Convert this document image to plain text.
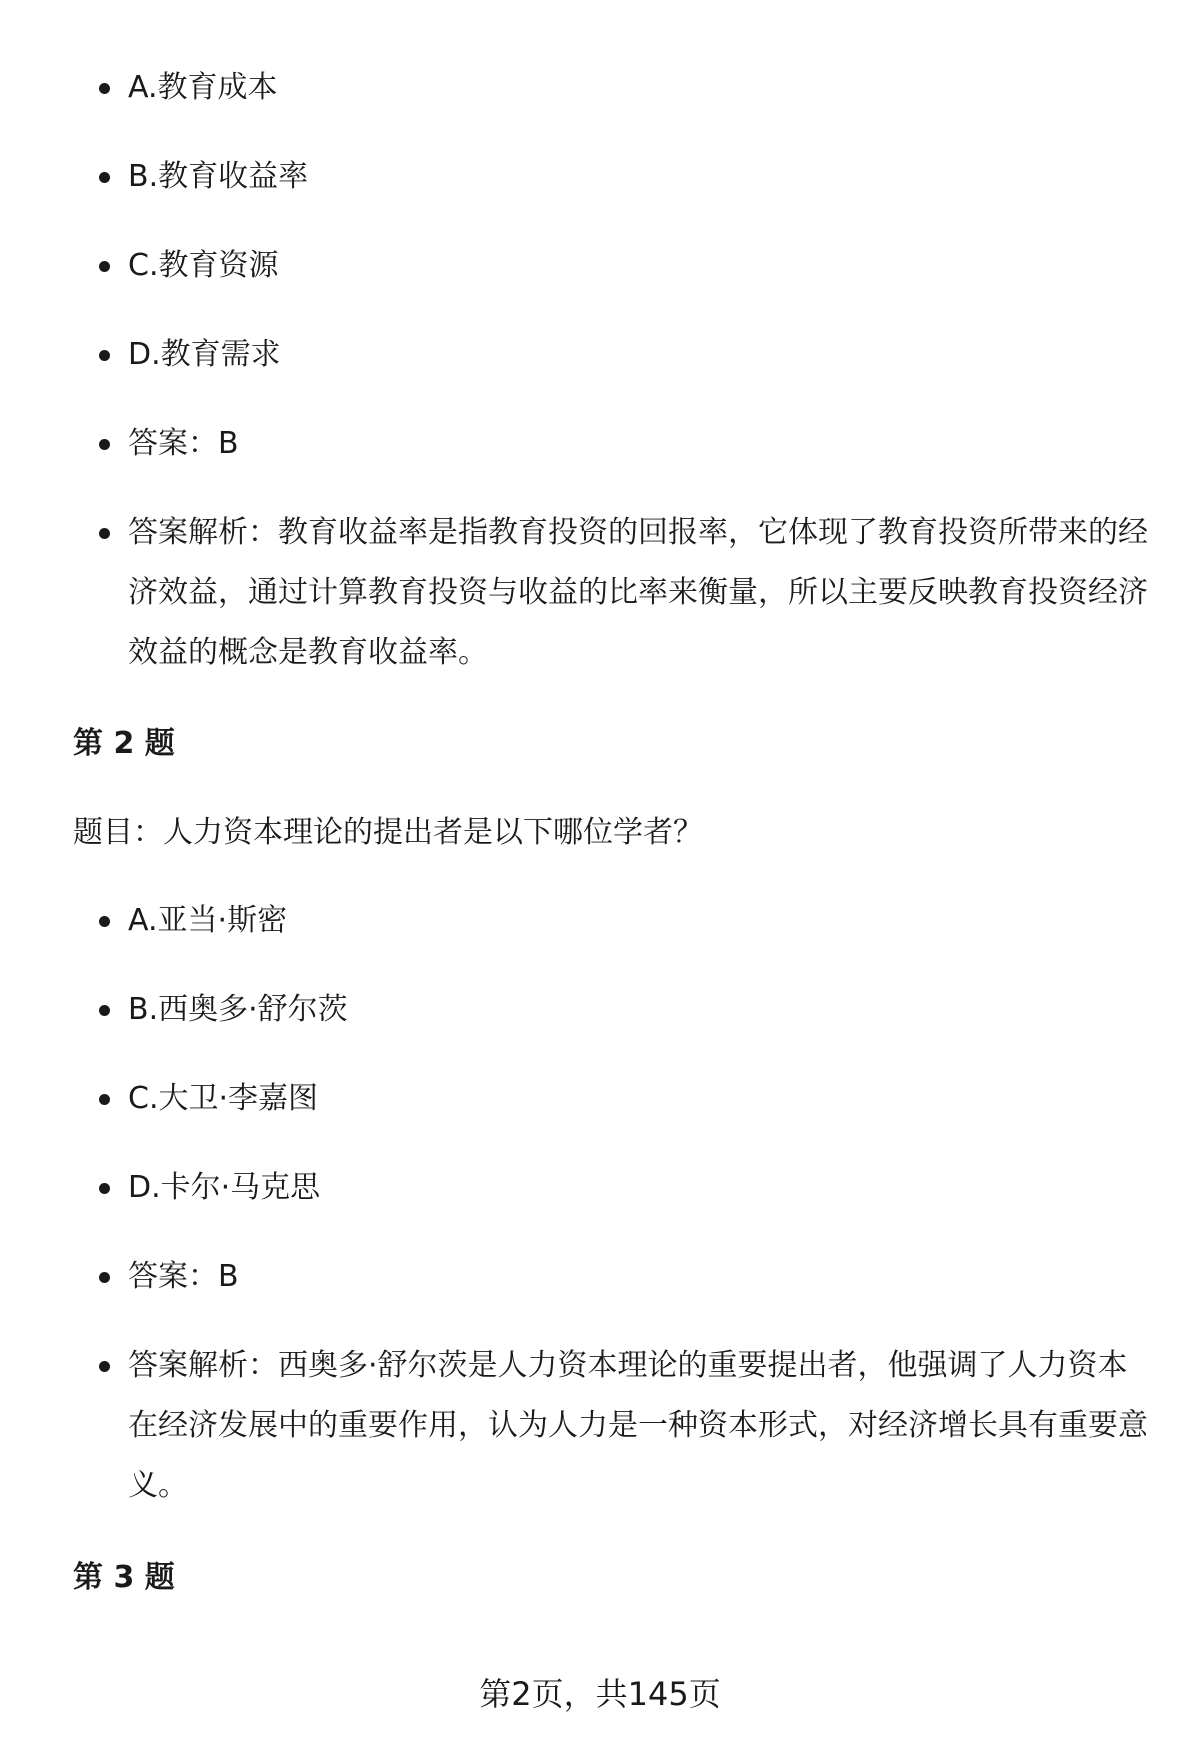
A.教育成本
B.教育收益率
C.教育资源
D.教育需求
答案：B
答案解析：教育收益率是指教育投资的回报率，它体现了教育投资所带来的经济效益，通过计算教育投资与收益的比率来衡量，所以主要反映教育投资经济效益的概念是教育收益率。
第 2 题
题目：人力资本理论的提出者是以下哪位学者？
A.亚当·斯密
B.西奥多·舒尔茨
C.大卫·李嘉图
D.卡尔·马克思
答案：B
答案解析：西奥多·舒尔茨是人力资本理论的重要提出者，他强调了人力资本在经济发展中的重要作用，认为人力是一种资本形式，对经济增长具有重要意义。
第 3 题
第2页，共145页
